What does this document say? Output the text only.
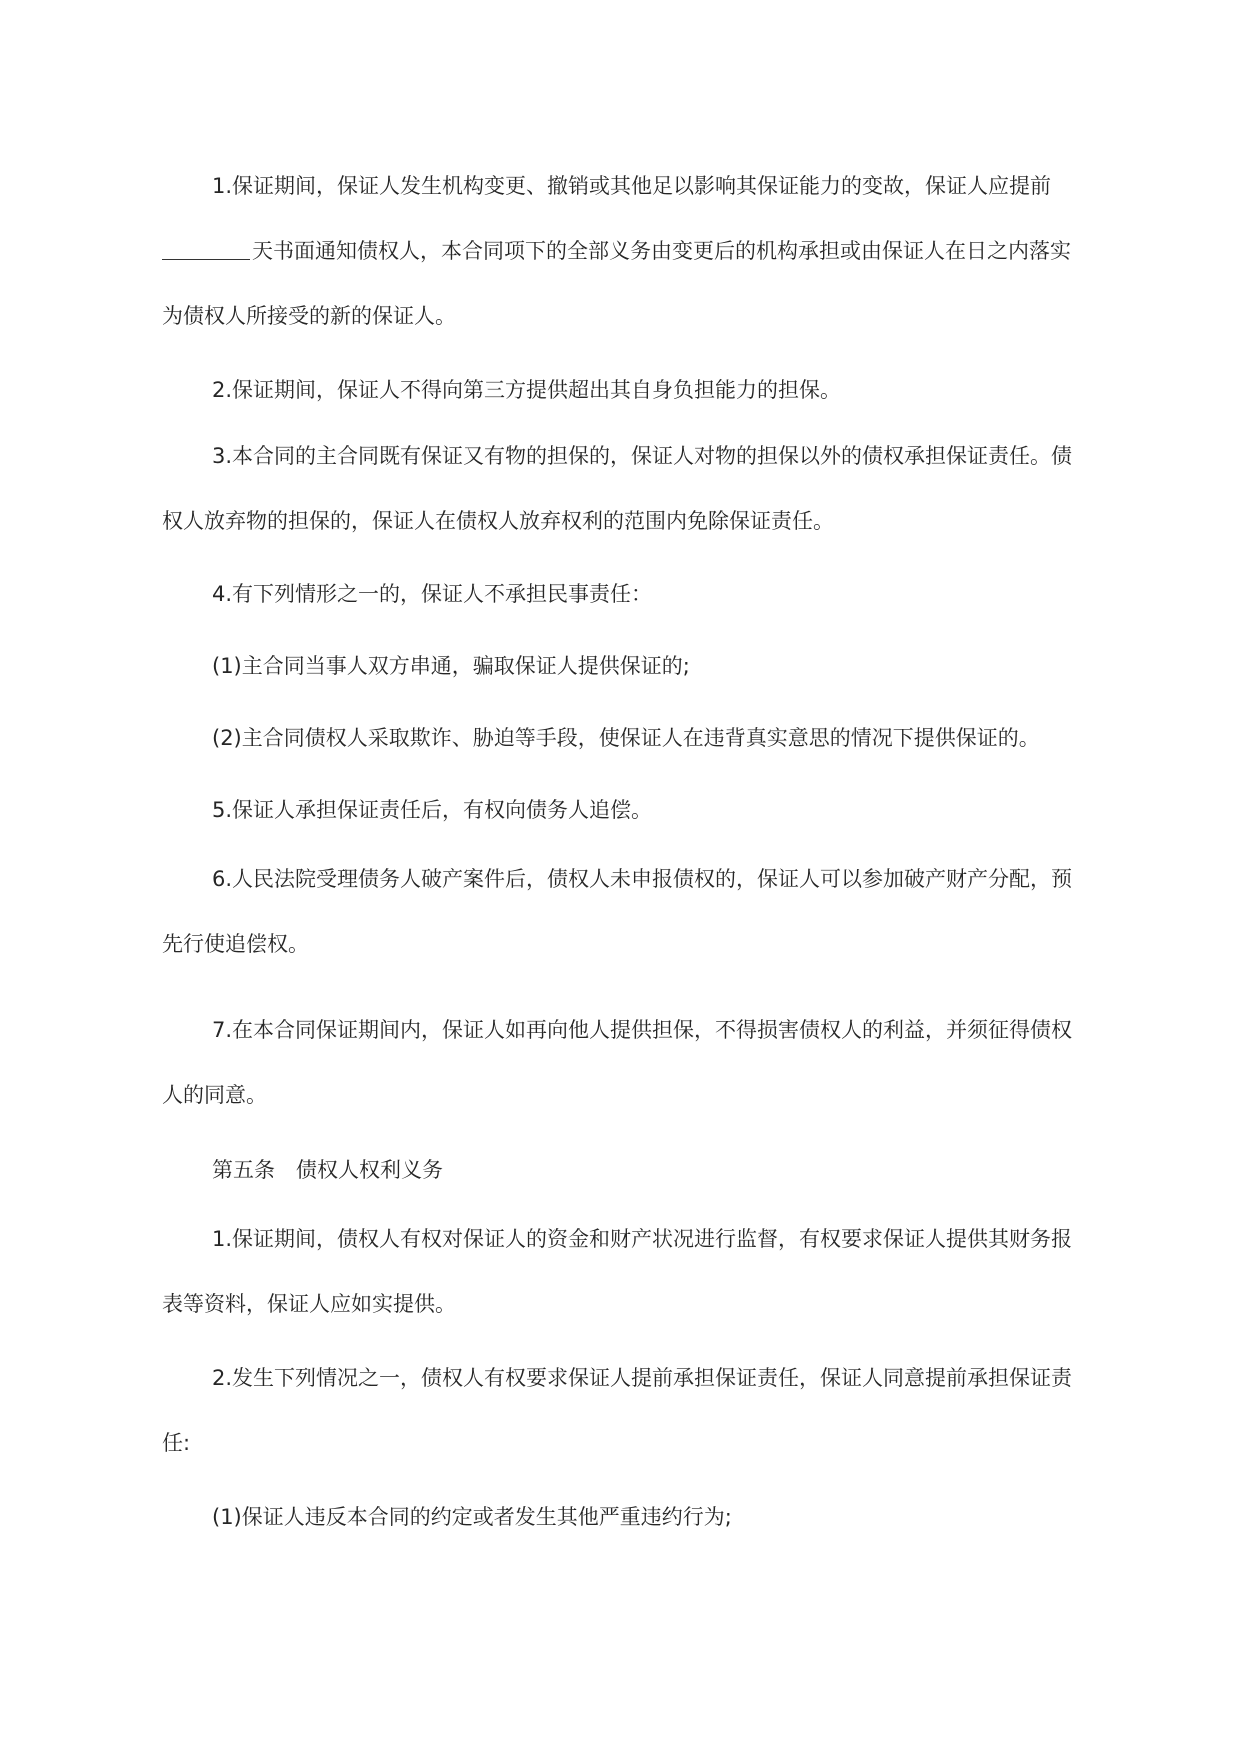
1.保证期间，保证人发生机构变更、撤销或其他足以影响其保证能力的变故，保证人应提前天书面通知债权人，本合同项下的全部义务由变更后的机构承担或由保证人在日之内落实为债权人所接受的新的保证人。

2.保证期间，保证人不得向第三方提供超出其自身负担能力的担保。

3.本合同的主合同既有保证又有物的担保的，保证人对物的担保以外的债权承担保证责任。债权人放弃物的担保的，保证人在债权人放弃权利的范围内免除保证责任。

4.有下列情形之一的，保证人不承担民事责任：

(1)主合同当事人双方串通，骗取保证人提供保证的;

(2)主合同债权人采取欺诈、胁迫等手段，使保证人在违背真实意思的情况下提供保证的。

5.保证人承担保证责任后，有权向债务人追偿。

6.人民法院受理债务人破产案件后，债权人未申报债权的，保证人可以参加破产财产分配，预先行使追偿权。

7.在本合同保证期间内，保证人如再向他人提供担保，不得损害债权人的利益，并须征得债权人的同意。

第五条　债权人权利义务

1.保证期间，债权人有权对保证人的资金和财产状况进行监督，有权要求保证人提供其财务报表等资料，保证人应如实提供。

2.发生下列情况之一，债权人有权要求保证人提前承担保证责任，保证人同意提前承担保证责任:

(1)保证人违反本合同的约定或者发生其他严重违约行为;
